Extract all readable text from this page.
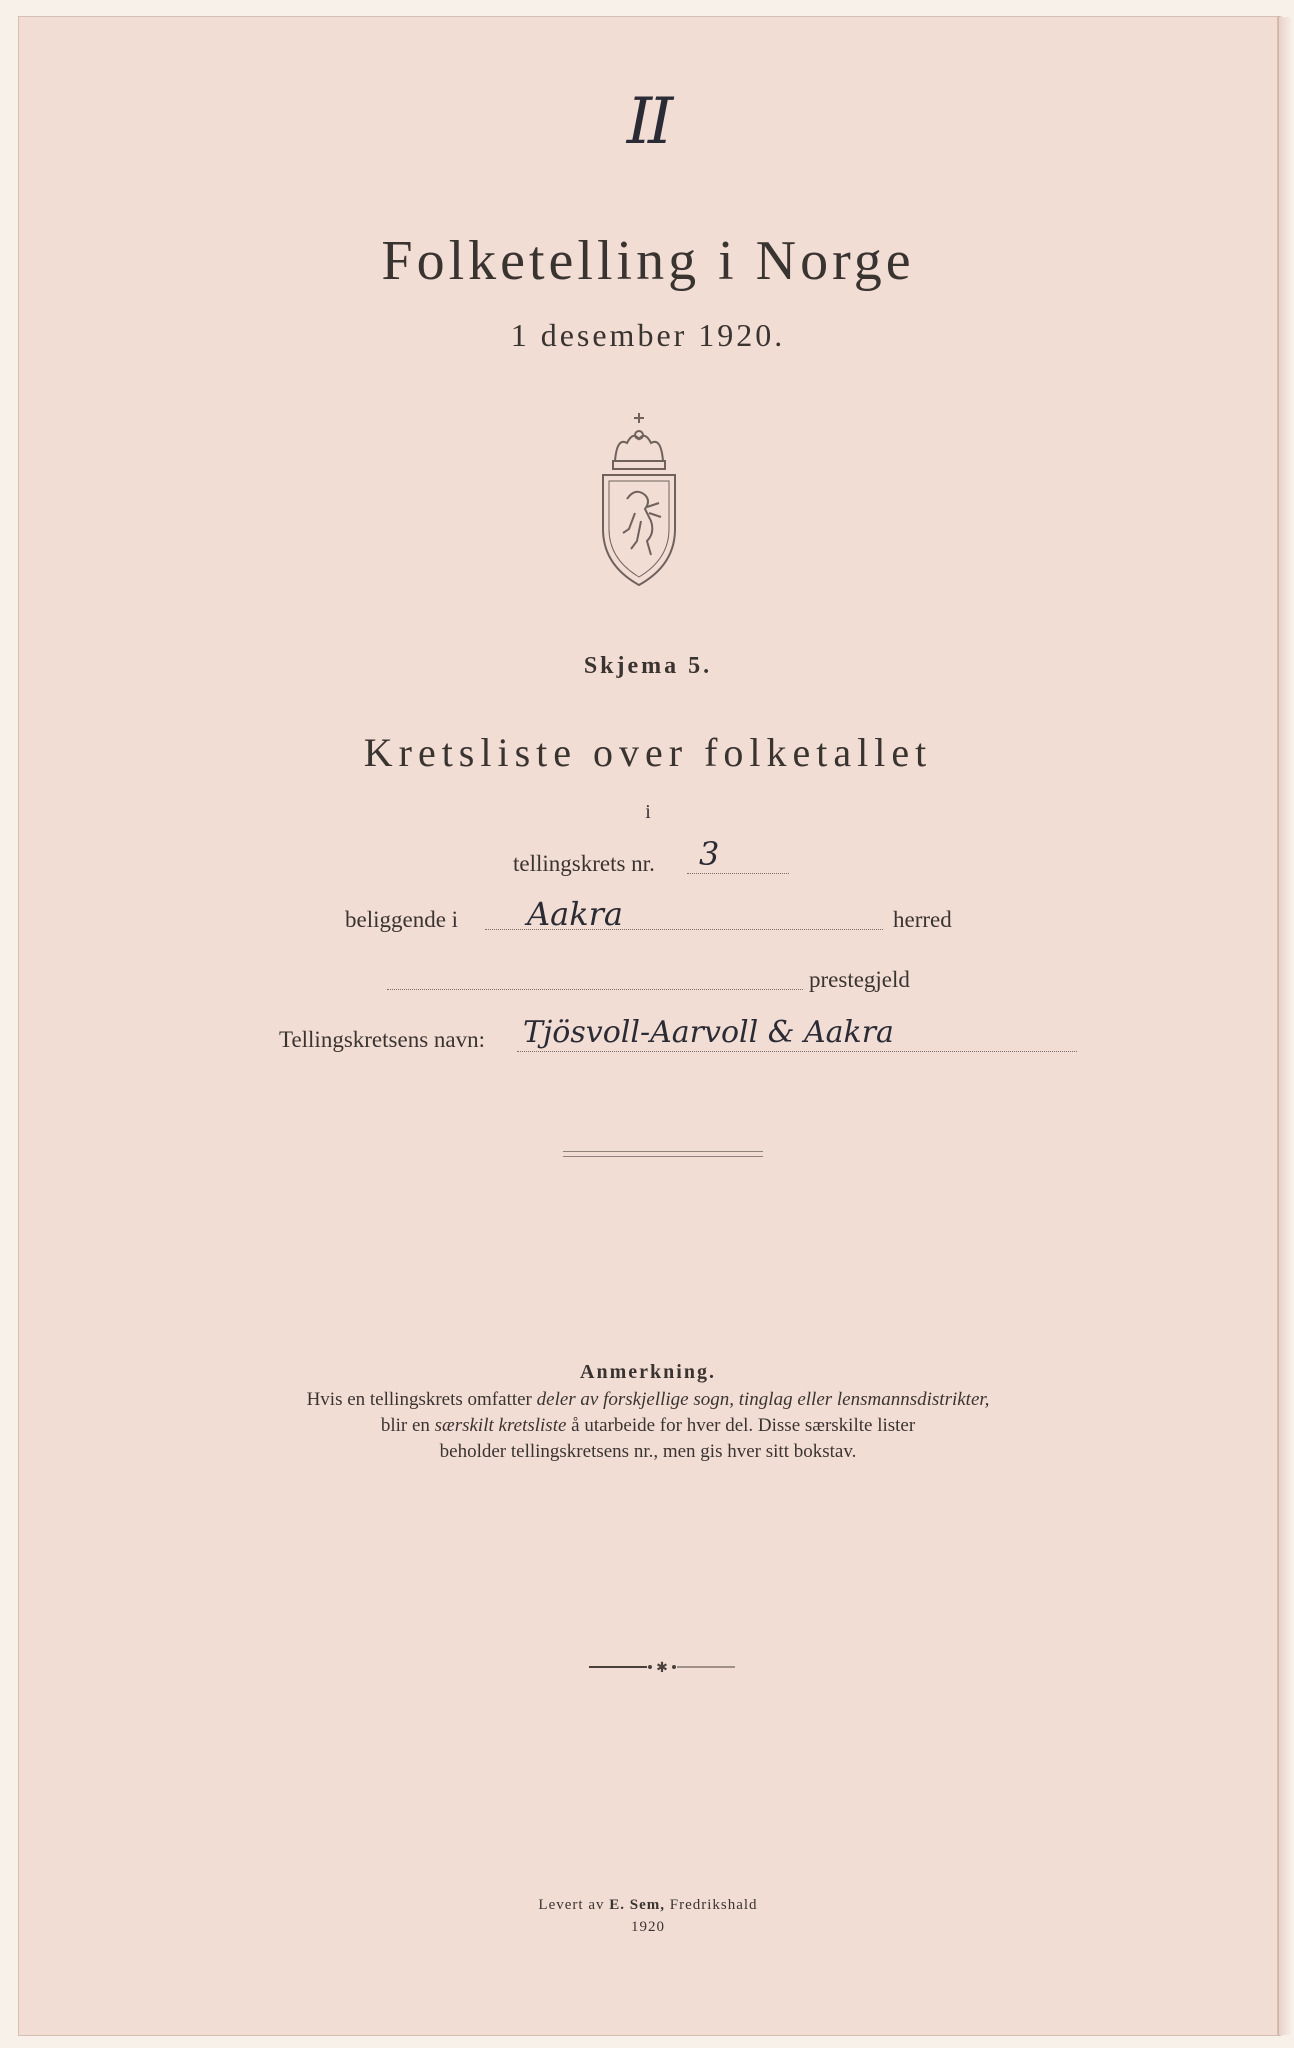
II
Folketelling i Norge
1 desember 1920.
Skjema 5.
Kretsliste over folketallet
i
tellingskrets nr. 3
beliggende i Aakra	herred
prestegjeld
Tellingskretsens navn: Tjösvoll-Aarvoll & Aakra
Anmerkning.
Hvis en tellingskrets omfatter deler av forskjellige sogn, tinglag eller lensmannsdistrikter,
blir en særskilt kretsliste å utarbeide for hver del. Disse særskilte lister
beholder tellingskretsens nr., men gis hver sitt bokstav.
✱
Levert av E. Sem, Fredrikshald
1920
